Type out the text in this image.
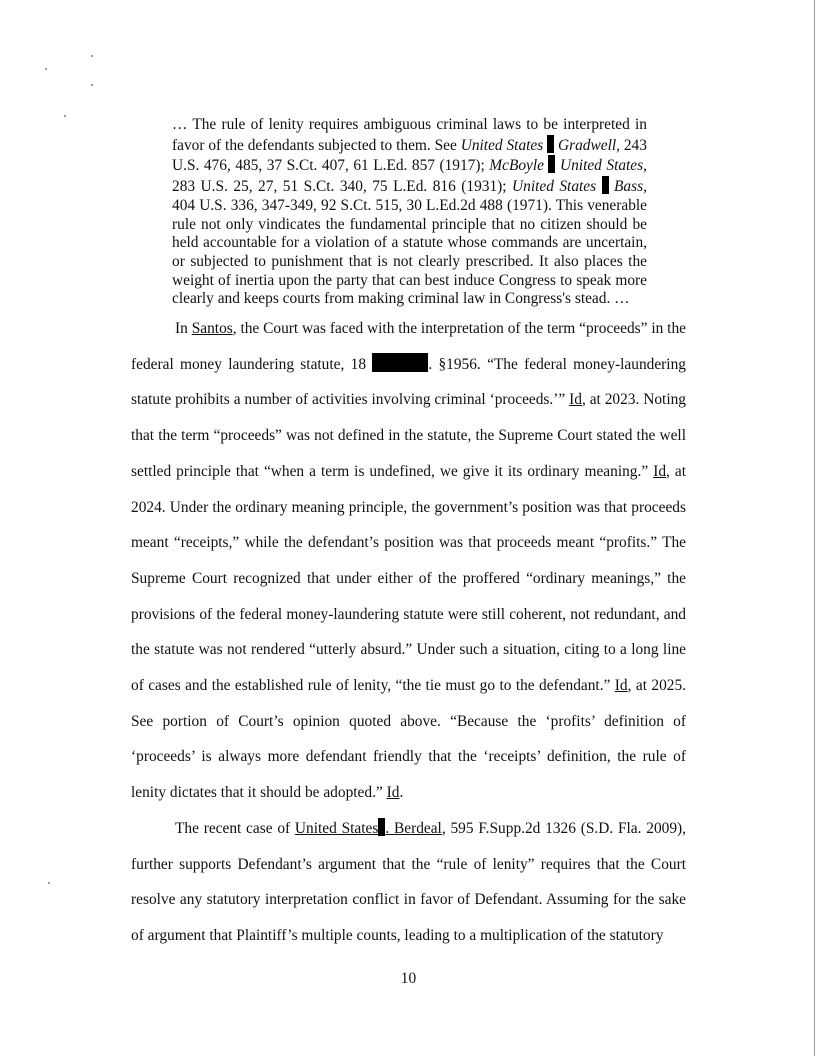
… The rule of lenity requires ambiguous criminal laws to be interpreted in favor of the defendants subjected to them. See United States Gradwell, 243 U.S. 476, 485, 37 S.Ct. 407, 61 L.Ed. 857 (1917); McBoyle United States, 283 U.S. 25, 27, 51 S.Ct. 340, 75 L.Ed. 816 (1931); United States Bass, 404 U.S. 336, 347-349, 92 S.Ct. 515, 30 L.Ed.2d 488 (1971). This venerable rule not only vindicates the fundamental principle that no citizen should be held accountable for a violation of a statute whose commands are uncertain, or subjected to punishment that is not clearly prescribed. It also places the weight of inertia upon the party that can best induce Congress to speak more clearly and keeps courts from making criminal law in Congress's stead. …

In Santos, the Court was faced with the interpretation of the term “proceeds” in the federal money laundering statute, 18	. §1956. “The federal money-laundering statute prohibits a number of activities involving criminal ‘proceeds.’” Id, at 2023. Noting that the term “proceeds” was not defined in the statute, the Supreme Court stated the well settled principle that “when a term is undefined, we give it its ordinary meaning.” Id, at 2024. Under the ordinary meaning principle, the government’s position was that proceeds meant “receipts,” while the defendant’s position was that proceeds meant “profits.” The Supreme Court recognized that under either of the proffered “ordinary meanings,” the provisions of the federal money-laundering statute were still coherent, not redundant, and the statute was not rendered “utterly absurd.” Under such a situation, citing to a long line of cases and the established rule of lenity, “the tie must go to the defendant.” Id, at 2025. See portion of Court’s opinion quoted above. “Because the ‘profits’ definition of ‘proceeds’ is always more defendant friendly that the ‘receipts’ definition, the rule of lenity dictates that it should be adopted.” Id.

The recent case of United States . Berdeal, 595 F.Supp.2d 1326 (S.D. Fla. 2009), further supports Defendant’s argument that the “rule of lenity” requires that the Court resolve any statutory interpretation conflict in favor of Defendant. Assuming for the sake of argument that Plaintiff’s multiple counts, leading to a multiplication of the statutory

10
